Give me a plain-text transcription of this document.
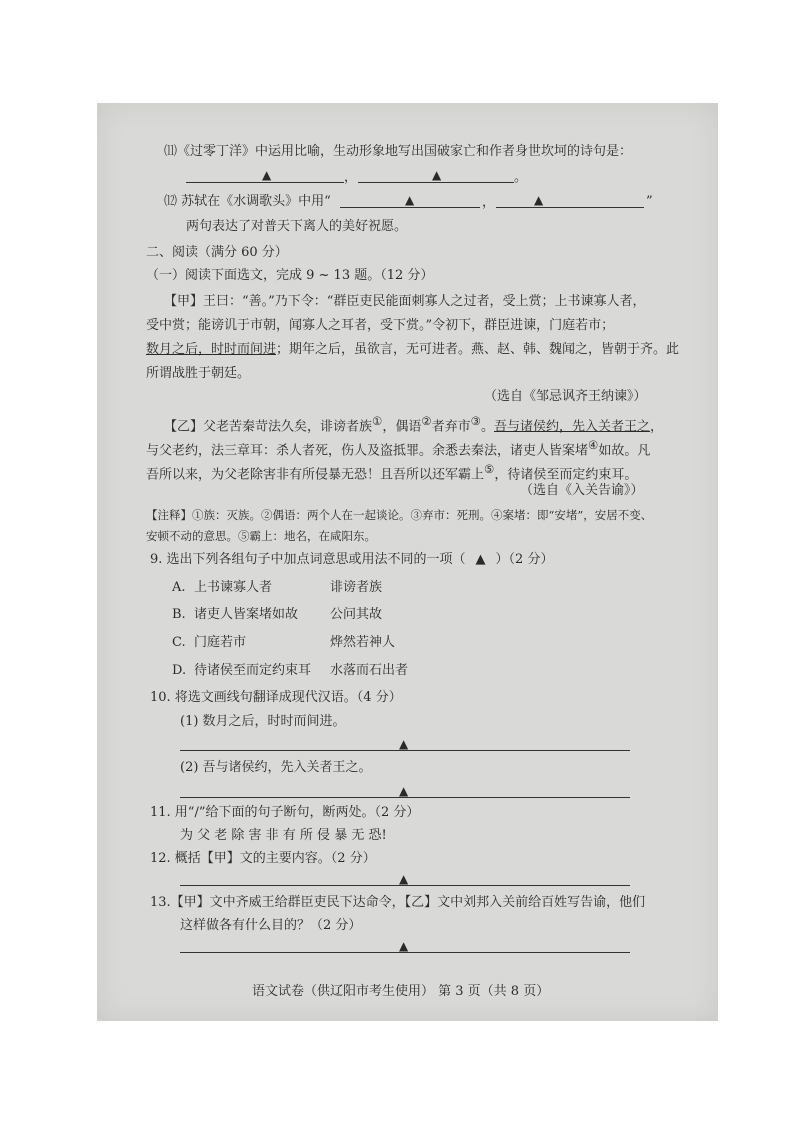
⑾《过零丁洋》中运用比喻，生动形象地写出国破家亡和作者身世坎坷的诗句是：
▲	，	▲	。
⑿ 苏轼在《水调歌头》中用“	▲	，	▲	”
两句表达了对普天下离人的美好祝愿。
二、阅读（满分 60 分）
（一）阅读下面选文，完成 9 ~ 13 题。（12 分）
【甲】王曰：“善。”乃下令：“群臣吏民能面刺寡人之过者，受上赏；上书谏寡人者，
受中赏；能谤讥于市朝，闻寡人之耳者，受下赏。”令初下，群臣进谏，门庭若市；
数月之后，时时而间进；期年之后，虽欲言，无可进者。燕、赵、韩、魏闻之，皆朝于齐。此
所谓战胜于朝廷。
（选自《邹忌讽齐王纳谏》）
【乙】父老苦秦苛法久矣，诽谤者族①，偶语②者弃市③。吾与诸侯约，先入关者王之，
与父老约，法三章耳：杀人者死，伤人及盗抵罪。余悉去秦法，诸吏人皆案堵④如故。凡
吾所以来，为父老除害非有所侵暴无恐！且吾所以还军霸上⑤，待诸侯至而定约束耳。
（选自《入关告谕》）
【注释】①族：灭族。②偶语：两个人在一起谈论。③弃市：死刑。④案堵：即“安堵”，安居不变、
安顿不动的意思。⑤霸上：地名，在咸阳东。
9. 选出下列各组句子中加点词意思或用法不同的一项（ ▲ ）（2 分）
A. 上书谏寡人者	诽谤者族
B. 诸吏人皆案堵如故 公问其故
C. 门庭若市	烨然若神人
D. 待诸侯至而定约束耳 水落而石出者
10. 将选文画线句翻译成现代汉语。（4 分）
(1) 数月之后，时时而间进。
▲
(2) 吾与诸侯约，先入关者王之。
▲
11. 用“/”给下面的句子断句，断两处。（2 分）
为 父 老 除 害 非 有 所 侵 暴 无 恐!
12. 概括【甲】文的主要内容。（2 分）
▲
13.【甲】文中齐威王给群臣吏民下达命令，【乙】文中刘邦入关前给百姓写告谕，他们
这样做各有什么目的？（2 分）
▲
语文试卷（供辽阳市考生使用） 第 3 页（共 8 页）
